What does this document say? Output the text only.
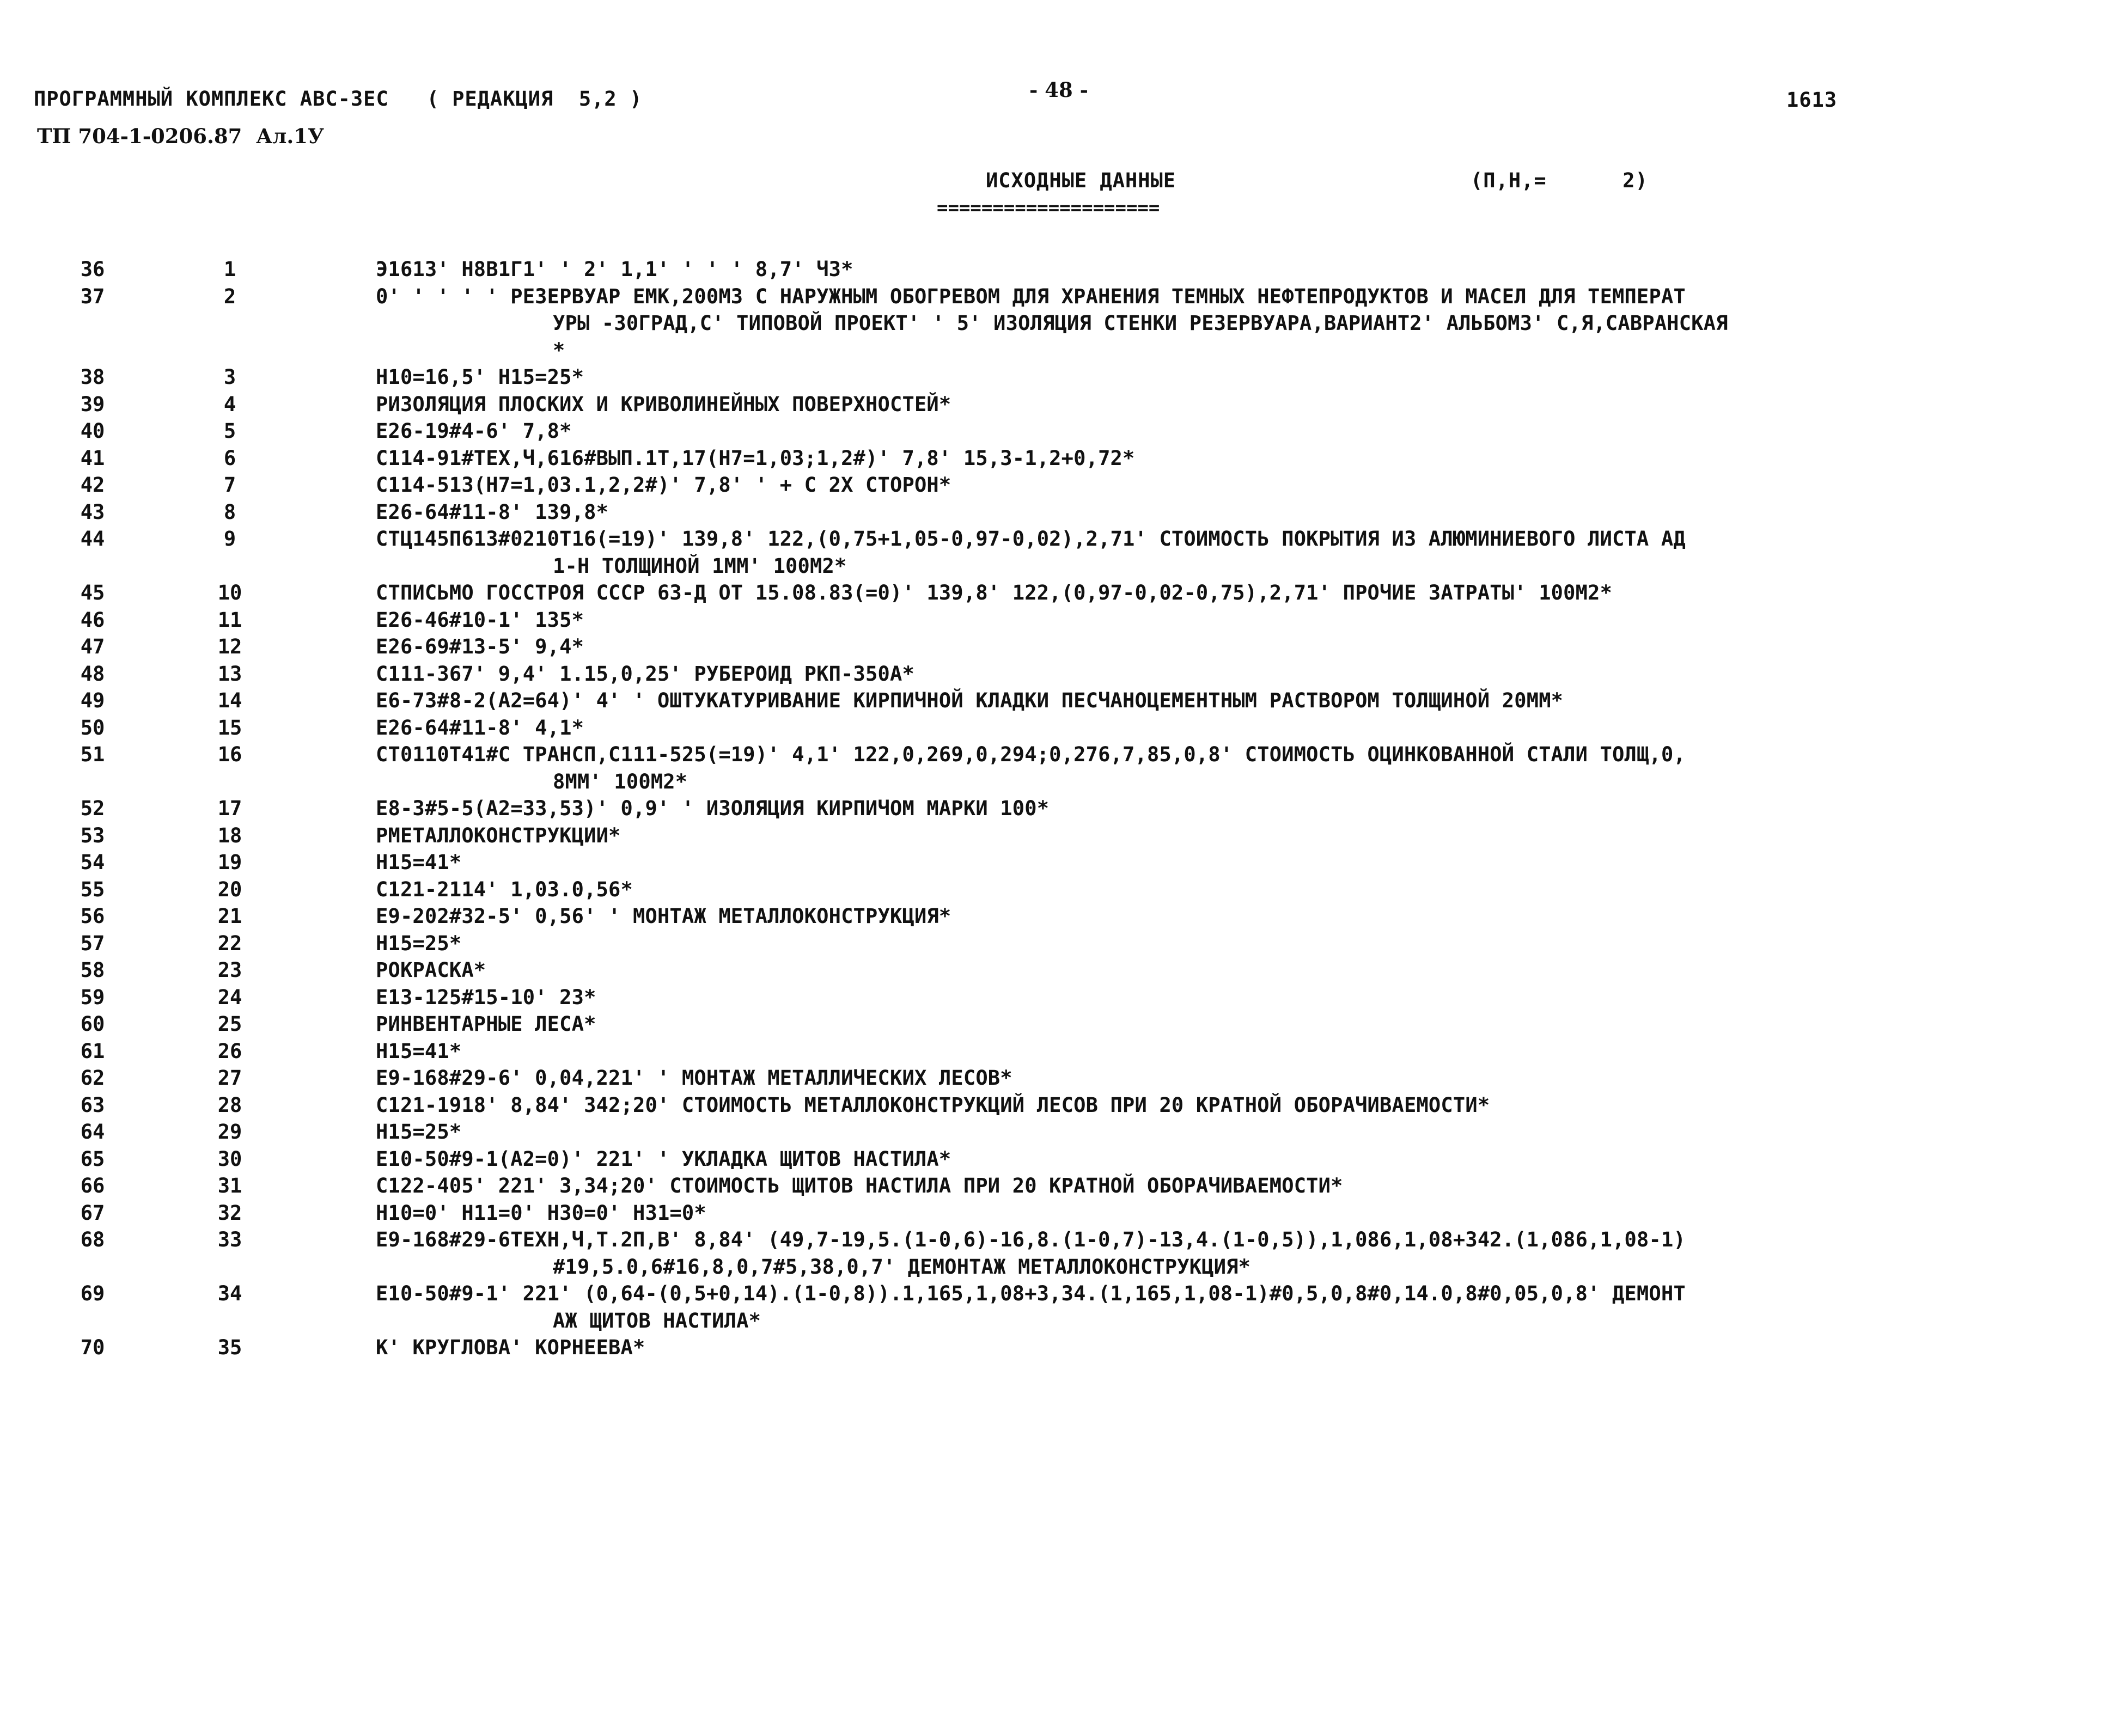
ПРОГРАММНЫЙ КОМПЛЕКС АВС-ЗЕС   ( РЕДАКЦИЯ  5,2 )
ТП 704-1-0206.87  Ал.1У
- 48 -	1613
ИСХОДНЫЕ ДАННЫЕ
====================
(П,Н,=      2)
36	1	Э1613' Н8В1Г1' ' 2' 1,1' ' ' ' 8,7' Ч3*
37	2	0' ' ' ' ' РЕЗЕРВУАР ЕМК,200М3 С НАРУЖНЫМ ОБОГРЕВОМ ДЛЯ ХРАНЕНИЯ ТЕМНЫХ НЕФТЕПРОДУКТОВ И МАСЕЛ ДЛЯ ТЕМПЕРАТ
УРЫ -30ГРАД,С' ТИПОВОЙ ПРОЕКТ' ' 5' ИЗОЛЯЦИЯ СТЕНКИ РЕЗЕРВУАРА,ВАРИАНТ2' АЛЬБОМ3' С,Я,САВРАНСКАЯ
*
38	3	Н10=16,5' Н15=25*
39	4	РИЗОЛЯЦИЯ ПЛОСКИХ И КРИВОЛИНЕЙНЫХ ПОВЕРХНОСТЕЙ*
40	5	Е26-19#4-6' 7,8*
41	6	С114-91#ТЕХ,Ч,616#ВЫП.1Т,17(Н7=1,03;1,2#)' 7,8' 15,3-1,2+0,72*
42	7	С114-513(Н7=1,03.1,2,2#)' 7,8' ' + С 2Х СТОРОН*
43	8	Е26-64#11-8' 139,8*
44	9	СТЦ145П613#0210Т16(=19)' 139,8' 122,(0,75+1,05-0,97-0,02),2,71' СТОИМОСТЬ ПОКРЫТИЯ ИЗ АЛЮМИНИЕВОГО ЛИСТА АД
1-Н ТОЛЩИНОЙ 1ММ' 100М2*
45	10	СТПИСЬМО ГОССТРОЯ СССР 63-Д ОТ 15.08.83(=0)' 139,8' 122,(0,97-0,02-0,75),2,71' ПРОЧИЕ ЗАТРАТЫ' 100М2*
46	11	Е26-46#10-1' 135*
47	12	Е26-69#13-5' 9,4*
48	13	С111-367' 9,4' 1.15,0,25' РУБЕРОИД РКП-350А*
49	14	Е6-73#8-2(А2=64)' 4' ' ОШТУКАТУРИВАНИЕ КИРПИЧНОЙ КЛАДКИ ПЕСЧАНОЦЕМЕНТНЫМ РАСТВОРОМ ТОЛЩИНОЙ 20ММ*
50	15	Е26-64#11-8' 4,1*
51	16	СТ0110Т41#С ТРАНСП,С111-525(=19)' 4,1' 122,0,269,0,294;0,276,7,85,0,8' СТОИМОСТЬ ОЦИНКОВАННОЙ СТАЛИ ТОЛЩ,0,
8ММ' 100М2*
52	17	Е8-3#5-5(А2=33,53)' 0,9' ' ИЗОЛЯЦИЯ КИРПИЧОМ МАРКИ 100*
53	18	РМЕТАЛЛОКОНСТРУКЦИИ*
54	19	Н15=41*
55	20	С121-2114' 1,03.0,56*
56	21	Е9-202#32-5' 0,56' ' МОНТАЖ МЕТАЛЛОКОНСТРУКЦИЯ*
57	22	Н15=25*
58	23	РОКРАСКА*
59	24	Е13-125#15-10' 23*
60	25	РИНВЕНТАРНЫЕ ЛЕСА*
61	26	Н15=41*
62	27	Е9-168#29-6' 0,04,221' ' МОНТАЖ МЕТАЛЛИЧЕСКИХ ЛЕСОВ*
63	28	С121-1918' 8,84' 342;20' СТОИМОСТЬ МЕТАЛЛОКОНСТРУКЦИЙ ЛЕСОВ ПРИ 20 КРАТНОЙ ОБОРАЧИВАЕМОСТИ*
64	29	Н15=25*
65	30	Е10-50#9-1(А2=0)' 221' ' УКЛАДКА ЩИТОВ НАСТИЛА*
66	31	С122-405' 221' 3,34;20' СТОИМОСТЬ ЩИТОВ НАСТИЛА ПРИ 20 КРАТНОЙ ОБОРАЧИВАЕМОСТИ*
67	32	Н10=0' Н11=0' Н30=0' Н31=0*
68	33	Е9-168#29-6ТЕХН,Ч,Т.2П,В' 8,84' (49,7-19,5.(1-0,6)-16,8.(1-0,7)-13,4.(1-0,5)),1,086,1,08+342.(1,086,1,08-1)
#19,5.0,6#16,8,0,7#5,38,0,7' ДЕМОНТАЖ МЕТАЛЛОКОНСТРУКЦИЯ*
69	34	Е10-50#9-1' 221' (0,64-(0,5+0,14).(1-0,8)).1,165,1,08+3,34.(1,165,1,08-1)#0,5,0,8#0,14.0,8#0,05,0,8' ДЕМОНТ
АЖ ЩИТОВ НАСТИЛА*
70	35	К' КРУГЛОВА' КОРНЕЕВА*
